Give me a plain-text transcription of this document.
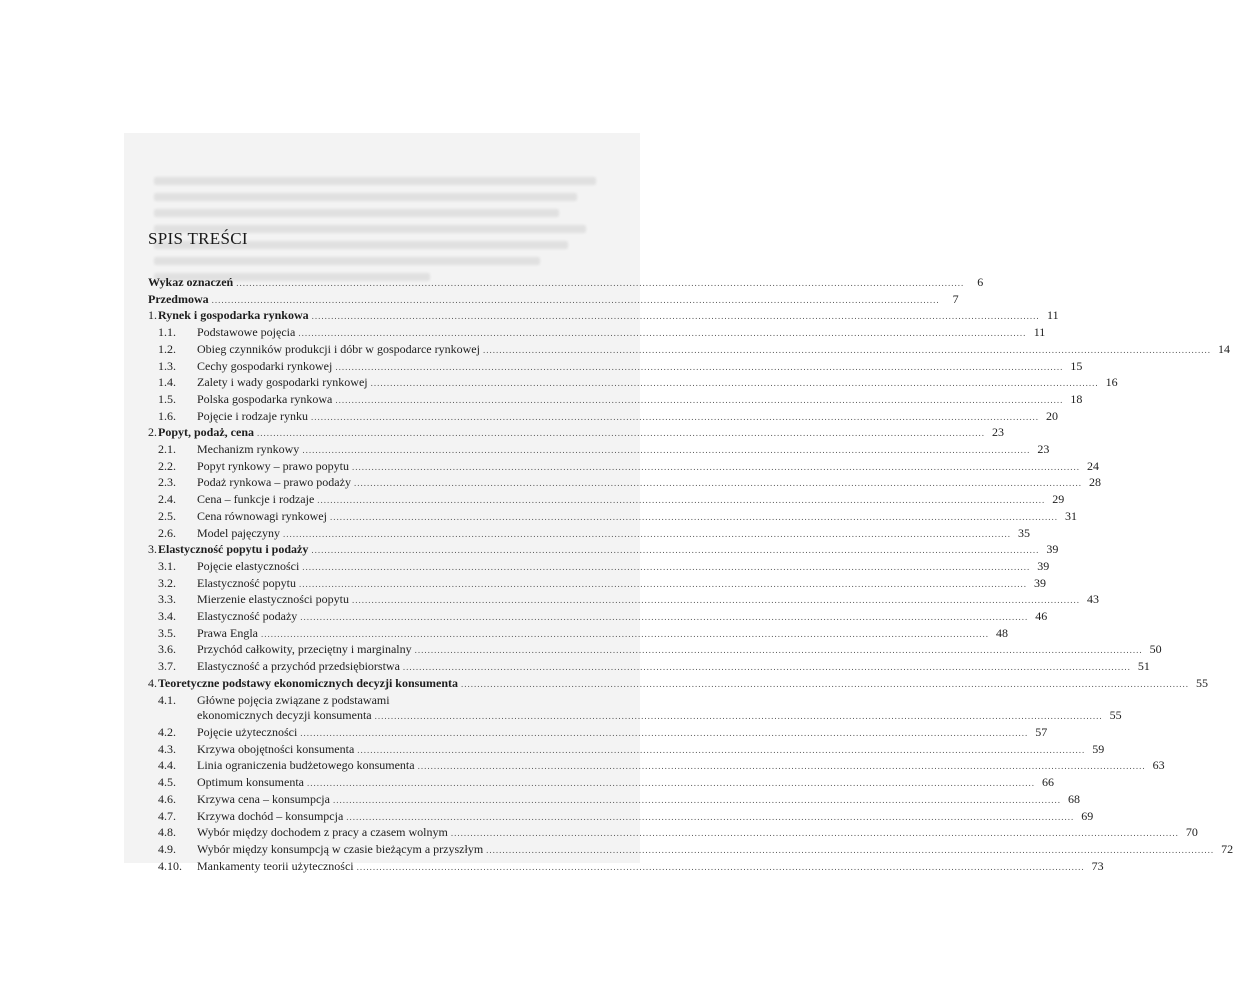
SPIS TREŚCI
Wykaz oznaczeń .....	6
Przedmowa .....	7
1. Rynek i gospodarka rynkowa .....	11
1.1.	Podstawowe pojęcia .....	11
1.2.	Obieg czynników produkcji i dóbr w gospodarce rynkowej .....	14
1.3.	Cechy gospodarki rynkowej .....	15
1.4.	Zalety i wady gospodarki rynkowej .....	16
1.5.	Polska gospodarka rynkowa .....	18
1.6.	Pojęcie i rodzaje rynku .....	20
2. Popyt, podaż, cena .....	23
2.1.	Mechanizm rynkowy .....	23
2.2.	Popyt rynkowy – prawo popytu .....	24
2.3.	Podaż rynkowa – prawo podaży .....	28
2.4.	Cena – funkcje i rodzaje .....	29
2.5.	Cena równowagi rynkowej .....	31
2.6.	Model pajęczyny .....	35
3. Elastyczność popytu i podaży .....	39
3.1.	Pojęcie elastyczności .....	39
3.2.	Elastyczność popytu .....	39
3.3.	Mierzenie elastyczności popytu .....	43
3.4.	Elastyczność podaży .....	46
3.5.	Prawa Engla .....	48
3.6.	Przychód całkowity, przeciętny i marginalny .....	50
3.7.	Elastyczność a przychód przedsiębiorstwa .....	51
4. Teoretyczne podstawy ekonomicznych decyzji konsumenta .....	55
4.1.	Główne pojęcia związane z podstawami
ekonomicznych decyzji konsumenta .....	55
4.2.	Pojęcie użyteczności .....	57
4.3.	Krzywa obojętności konsumenta .....	59
4.4.	Linia ograniczenia budżetowego konsumenta .....	63
4.5.	Optimum konsumenta .....	66
4.6.	Krzywa cena – konsumpcja .....	68
4.7.	Krzywa dochód – konsumpcja .....	69
4.8.	Wybór między dochodem z pracy a czasem wolnym .....	70
4.9.	Wybór między konsumpcją w czasie bieżącym a przyszłym .....	72
4.10.	Mankamenty teorii użyteczności .....	73
